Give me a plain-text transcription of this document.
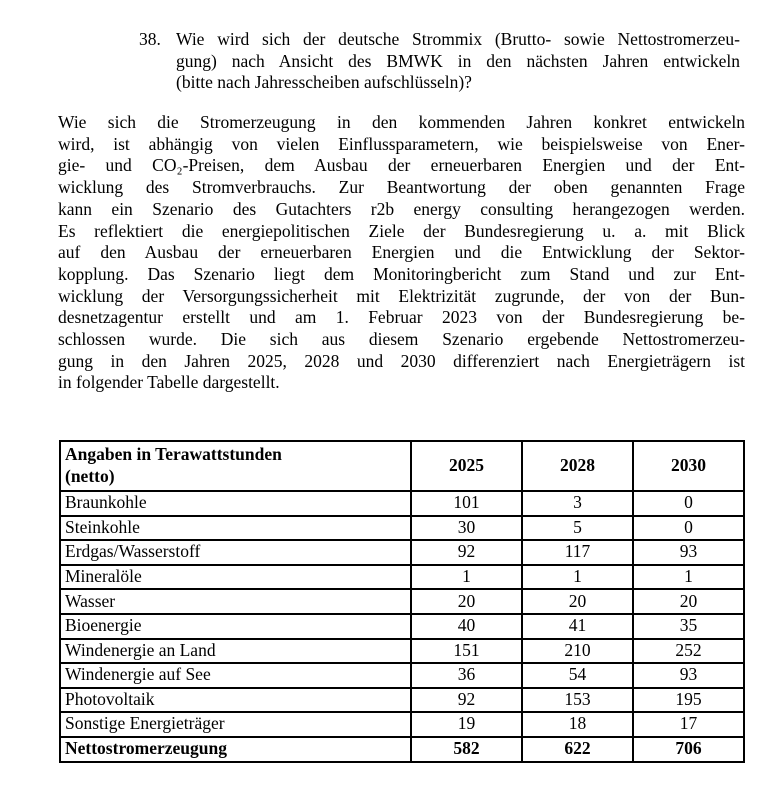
38. Wie wird sich der deutsche Strommix (Brutto- sowie Nettostromerzeu-
gung) nach Ansicht des BMWK in den nächsten Jahren entwickeln
(bitte nach Jahresscheiben aufschlüsseln)?
Wie sich die Stromerzeugung in den kommenden Jahren konkret entwickeln
wird, ist abhängig von vielen Einflussparametern, wie beispielsweise von Ener-
gie- und CO₂-Preisen, dem Ausbau der erneuerbaren Energien und der Ent-
wicklung des Stromverbrauchs. Zur Beantwortung der oben genannten Frage
kann ein Szenario des Gutachters r2b energy consulting herangezogen werden.
Es reflektiert die energiepolitischen Ziele der Bundesregierung u. a. mit Blick
auf den Ausbau der erneuerbaren Energien und die Entwicklung der Sektor-
kopplung. Das Szenario liegt dem Monitoringbericht zum Stand und zur Ent-
wicklung der Versorgungssicherheit mit Elektrizität zugrunde, der von der Bun-
desnetzagentur erstellt und am 1. Februar 2023 von der Bundesregierung be-
schlossen wurde. Die sich aus diesem Szenario ergebende Nettostromerzeu-
gung in den Jahren 2025, 2028 und 2030 differenziert nach Energieträgern ist
in folgender Tabelle dargestellt.
Angaben in Terawattstunden
(netto)	2025	2028	2030
Braunkohle	101	3	0
Steinkohle	30	5	0
Erdgas/Wasserstoff	92	117	93
Mineralöle	1	1	1
Wasser	20	20	20
Bioenergie	40	41	35
Windenergie an Land	151	210	252
Windenergie auf See	36	54	93
Photovoltaik	92	153	195
Sonstige Energieträger	19	18	17
Nettostromerzeugung	582	622	706
